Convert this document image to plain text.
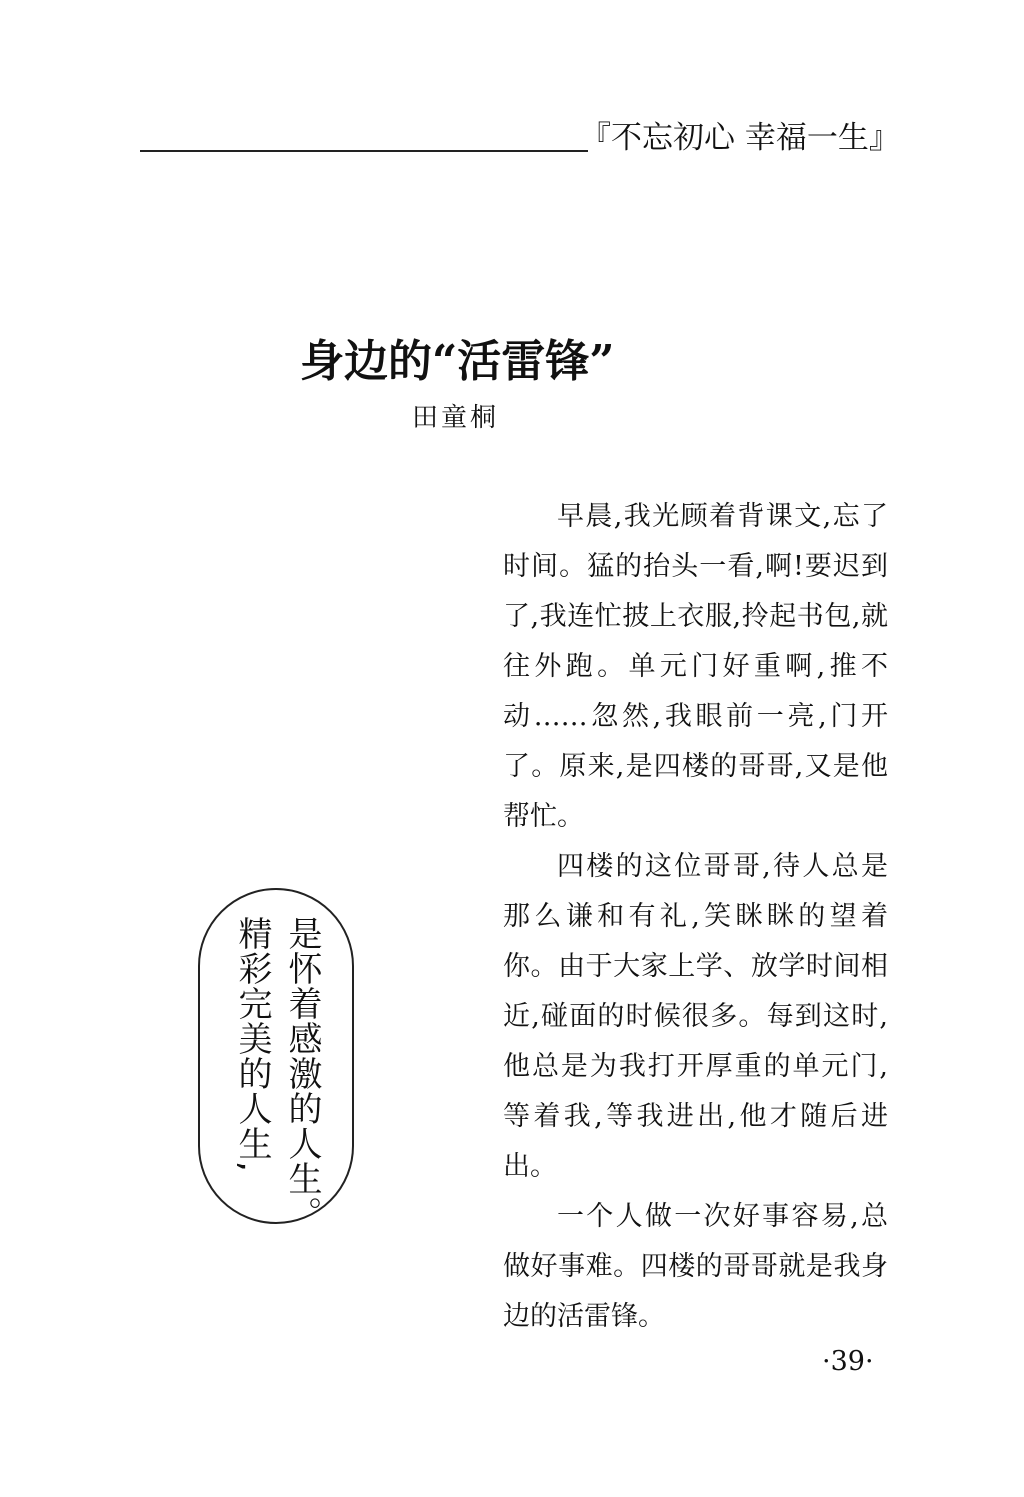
『不忘初心 幸福一生』
身边的“活雷锋”
田童桐

早晨,我光顾着背课文,忘了时间。猛的抬头一看,啊!要迟到了,我连忙披上衣服,拎起书包,就往外跑。单元门好重啊,推不动……忽然,我眼前一亮,门开了。原来,是四楼的哥哥,又是他帮忙。

四楼的这位哥哥,待人总是那么谦和有礼,笑眯眯的望着你。由于大家上学、放学时间相近,碰面的时候很多。每到这时,他总是为我打开厚重的单元门,等着我,等我进出,他才随后进出。

一个人做一次好事容易,总做好事难。四楼的哥哥就是我身边的活雷锋。

是怀着感激的人生。
精彩完美的人生,
·39·
